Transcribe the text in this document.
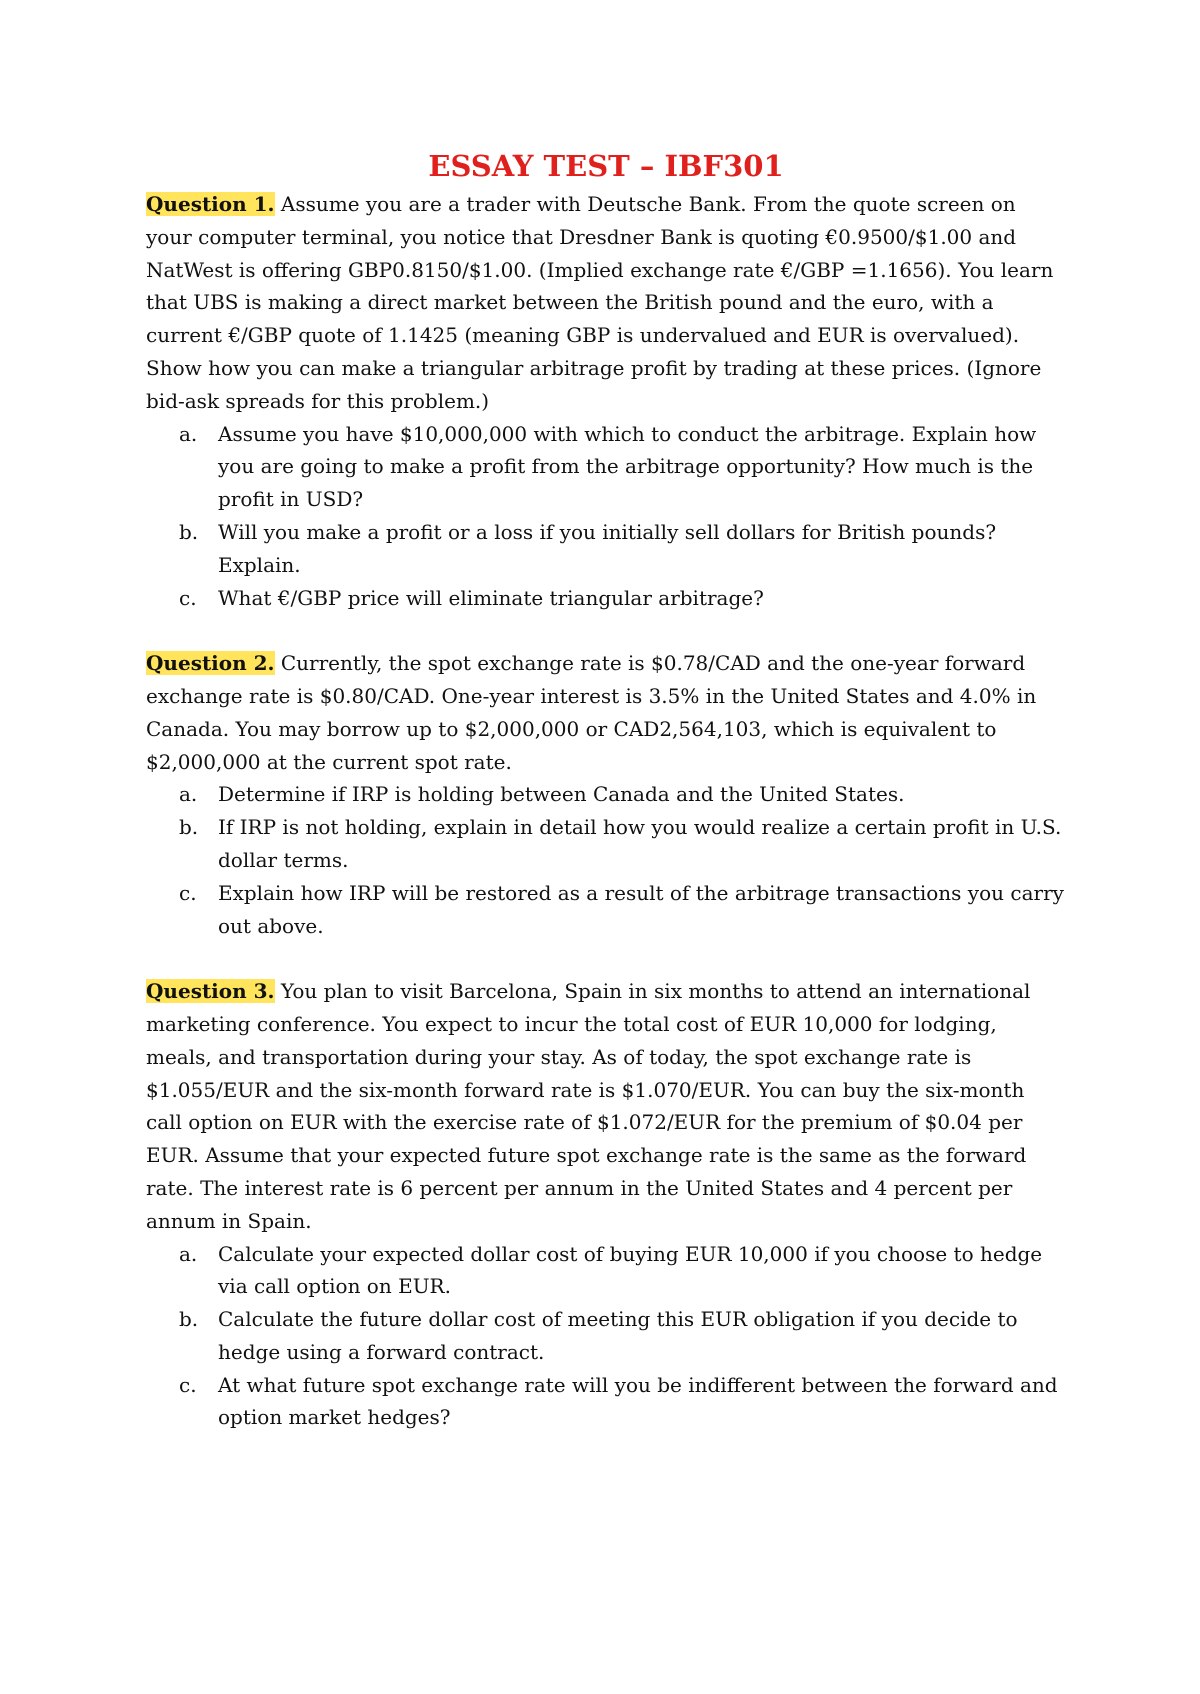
ESSAY TEST – IBF301

Question 1. Assume you are a trader with Deutsche Bank. From the quote screen on your computer terminal, you notice that Dresdner Bank is quoting €0.9500/$1.00 and NatWest is offering GBP0.8150/$1.00. (Implied exchange rate €/GBP =1.1656). You learn that UBS is making a direct market between the British pound and the euro, with a current €/GBP quote of 1.1425 (meaning GBP is undervalued and EUR is overvalued). Show how you can make a triangular arbitrage profit by trading at these prices. (Ignore bid-ask spreads for this problem.)

a. Assume you have $10,000,000 with which to conduct the arbitrage. Explain how you are going to make a profit from the arbitrage opportunity? How much is the profit in USD?
b. Will you make a profit or a loss if you initially sell dollars for British pounds? Explain.
c. What €/GBP price will eliminate triangular arbitrage?

Question 2. Currently, the spot exchange rate is $0.78/CAD and the one-year forward exchange rate is $0.80/CAD. One-year interest is 3.5% in the United States and 4.0% in Canada. You may borrow up to $2,000,000 or CAD2,564,103, which is equivalent to $2,000,000 at the current spot rate.

a. Determine if IRP is holding between Canada and the United States.
b. If IRP is not holding, explain in detail how you would realize a certain profit in U.S. dollar terms.
c. Explain how IRP will be restored as a result of the arbitrage transactions you carry out above.

Question 3. You plan to visit Barcelona, Spain in six months to attend an international marketing conference. You expect to incur the total cost of EUR 10,000 for lodging, meals, and transportation during your stay. As of today, the spot exchange rate is $1.055/EUR and the six-month forward rate is $1.070/EUR. You can buy the six-month call option on EUR with the exercise rate of $1.072/EUR for the premium of $0.04 per EUR. Assume that your expected future spot exchange rate is the same as the forward rate. The interest rate is 6 percent per annum in the United States and 4 percent per annum in Spain.

a. Calculate your expected dollar cost of buying EUR 10,000 if you choose to hedge via call option on EUR.
b. Calculate the future dollar cost of meeting this EUR obligation if you decide to hedge using a forward contract.
c. At what future spot exchange rate will you be indifferent between the forward and option market hedges?
